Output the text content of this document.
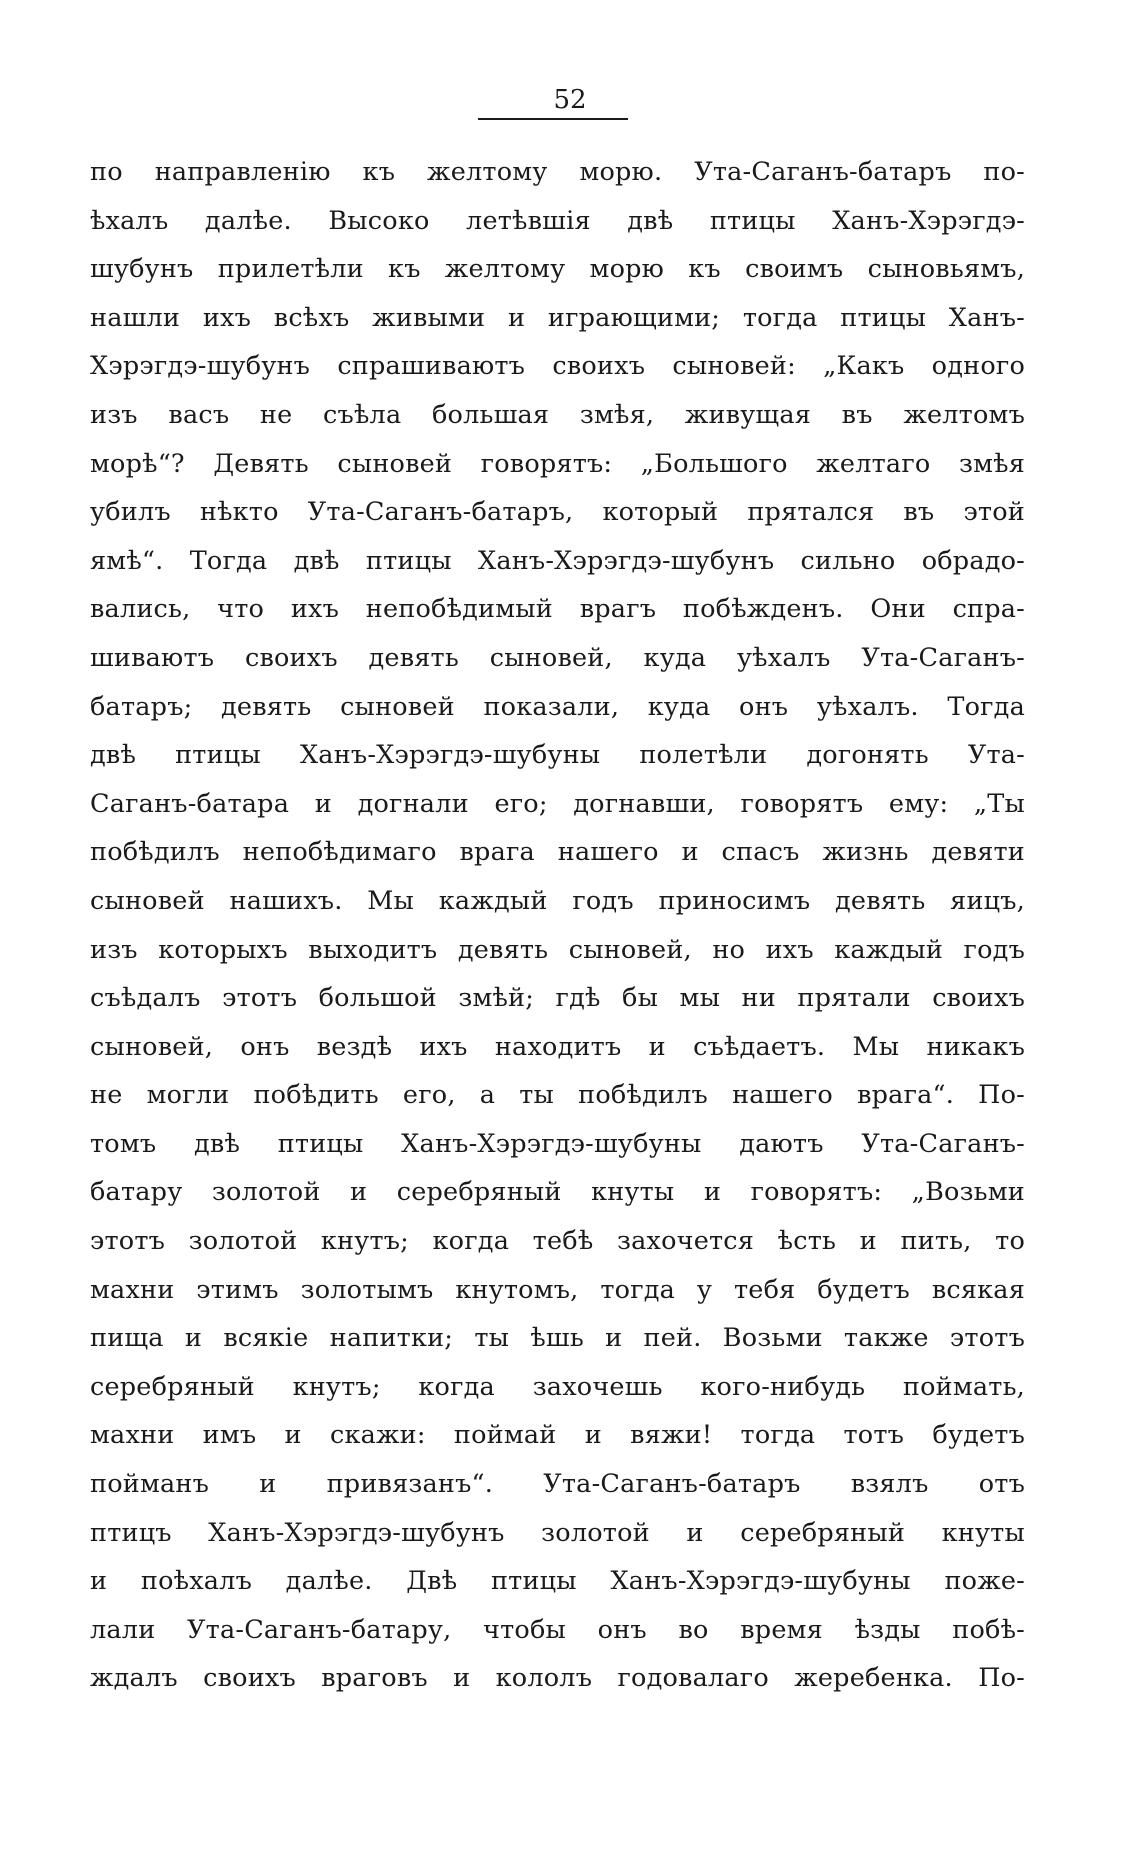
52
по направленію къ желтому морю. Ута-Саганъ-батаръ по-
ѣхалъ далѣе. Высоко летѣвшія двѣ птицы Ханъ-Хэрэгдэ-
шубунъ прилетѣли къ желтому морю къ своимъ сыновьямъ,
нашли ихъ всѣхъ живыми и играющими; тогда птицы Ханъ-
Хэрэгдэ-шубунъ спрашиваютъ своихъ сыновей: „Какъ одного
изъ васъ не съѣла большая змѣя, живущая въ желтомъ
морѣ“? Девять сыновей говорятъ: „Большого желтаго змѣя
убилъ нѣкто Ута-Саганъ-батаръ, который прятался въ этой
ямѣ“. Тогда двѣ птицы Ханъ-Хэрэгдэ-шубунъ сильно обрадо-
вались, что ихъ непобѣдимый врагъ побѣжденъ. Они спра-
шиваютъ своихъ девять сыновей, куда уѣхалъ Ута-Саганъ-
батаръ; девять сыновей показали, куда онъ уѣхалъ. Тогда
двѣ птицы Ханъ-Хэрэгдэ-шубуны полетѣли догонять Ута-
Саганъ-батара и догнали его; догнавши, говорятъ ему: „Ты
побѣдилъ непобѣдимаго врага нашего и спасъ жизнь девяти
сыновей нашихъ. Мы каждый годъ приносимъ девять яицъ,
изъ которыхъ выходитъ девять сыновей, но ихъ каждый годъ
съѣдалъ этотъ большой змѣй; гдѣ бы мы ни прятали своихъ
сыновей, онъ вездѣ ихъ находитъ и съѣдаетъ. Мы никакъ
не могли побѣдить его, а ты побѣдилъ нашего врага“. По-
томъ двѣ птицы Ханъ-Хэрэгдэ-шубуны даютъ Ута-Саганъ-
батару золотой и серебряный кнуты и говорятъ: „Возьми
этотъ золотой кнутъ; когда тебѣ захочется ѣсть и пить, то
махни этимъ золотымъ кнутомъ, тогда у тебя будетъ всякая
пища и всякіе напитки; ты ѣшь и пей. Возьми также этотъ
серебряный кнутъ; когда захочешь кого-нибудь поймать,
махни имъ и скажи: поймай и вяжи! тогда тотъ будетъ
пойманъ и привязанъ“. Ута-Саганъ-батаръ взялъ отъ
птицъ Ханъ-Хэрэгдэ-шубунъ золотой и серебряный кнуты
и поѣхалъ далѣе. Двѣ птицы Ханъ-Хэрэгдэ-шубуны поже-
лали Ута-Саганъ-батару, чтобы онъ во время ѣзды побѣ-
ждалъ своихъ враговъ и кололъ годовалаго жеребенка. По-
